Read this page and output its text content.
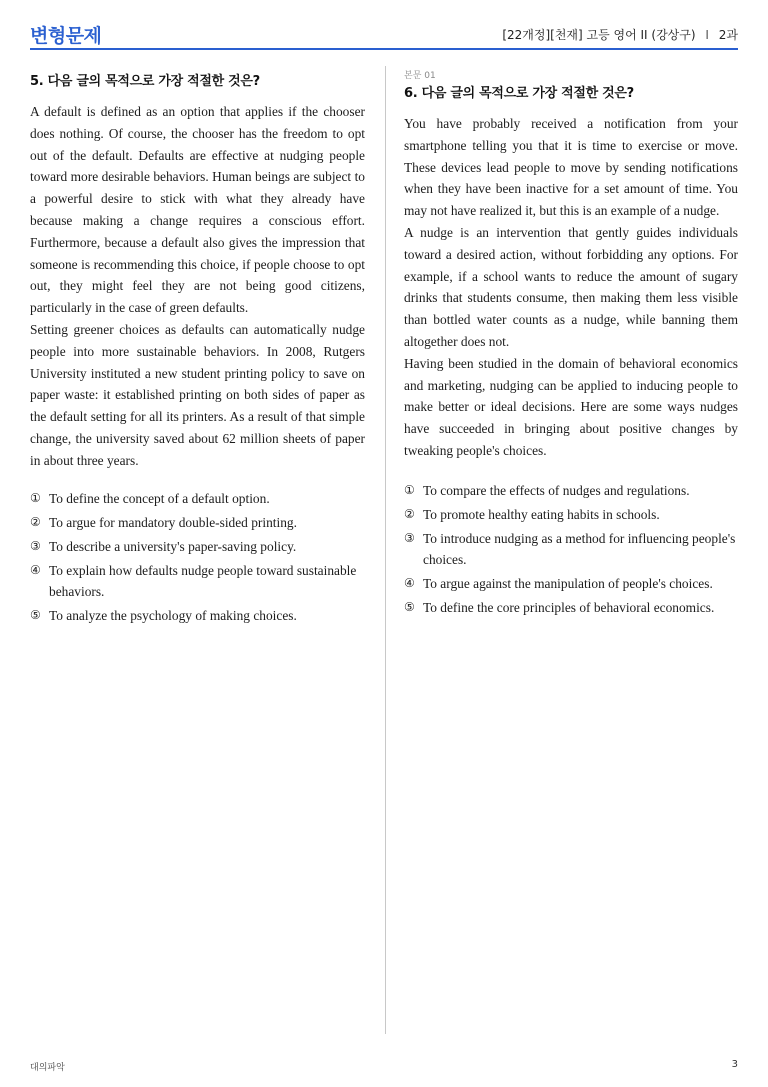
변형문제	[22개정][천재] 고등 영어 II (강상구) I 2과
5. 다음 글의 목적으로 가장 적절한 것은?

A default is defined as an option that applies if the chooser does nothing. Of course, the chooser has the freedom to opt out of the default. Defaults are effective at nudging people toward more desirable behaviors. Human beings are subject to a powerful desire to stick with what they already have because making a change requires a conscious effort. Furthermore, because a default also gives the impression that someone is recommending this choice, if people choose to opt out, they might feel they are not being good citizens, particularly in the case of green defaults.

Setting greener choices as defaults can automatically nudge people into more sustainable behaviors. In 2008, Rutgers University instituted a new student printing policy to save on paper waste: it established printing on both sides of paper as the default setting for all its printers. As a result of that simple change, the university saved about 62 million sheets of paper in about three years.

① To define the concept of a default option.
② To argue for mandatory double-sided printing.
③ To describe a university's paper-saving policy.
④ To explain how defaults nudge people toward sustainable behaviors.
⑤ To analyze the psychology of making choices.
본문 01
6. 다음 글의 목적으로 가장 적절한 것은?

You have probably received a notification from your smartphone telling you that it is time to exercise or move. These devices lead people to move by sending notifications when they have been inactive for a set amount of time. You may not have realized it, but this is an example of a nudge.

A nudge is an intervention that gently guides individuals toward a desired action, without forbidding any options. For example, if a school wants to reduce the amount of sugary drinks that students consume, then making them less visible than bottled water counts as a nudge, while banning them altogether does not.

Having been studied in the domain of behavioral economics and marketing, nudging can be applied to inducing people to make better or ideal decisions. Here are some ways nudges have succeeded in bringing about positive changes by tweaking people's choices.

① To compare the effects of nudges and regulations.
② To promote healthy eating habits in schools.
③ To introduce nudging as a method for influencing people's choices.
④ To argue against the manipulation of people's choices.
⑤ To define the core principles of behavioral economics.
대의파악	3
